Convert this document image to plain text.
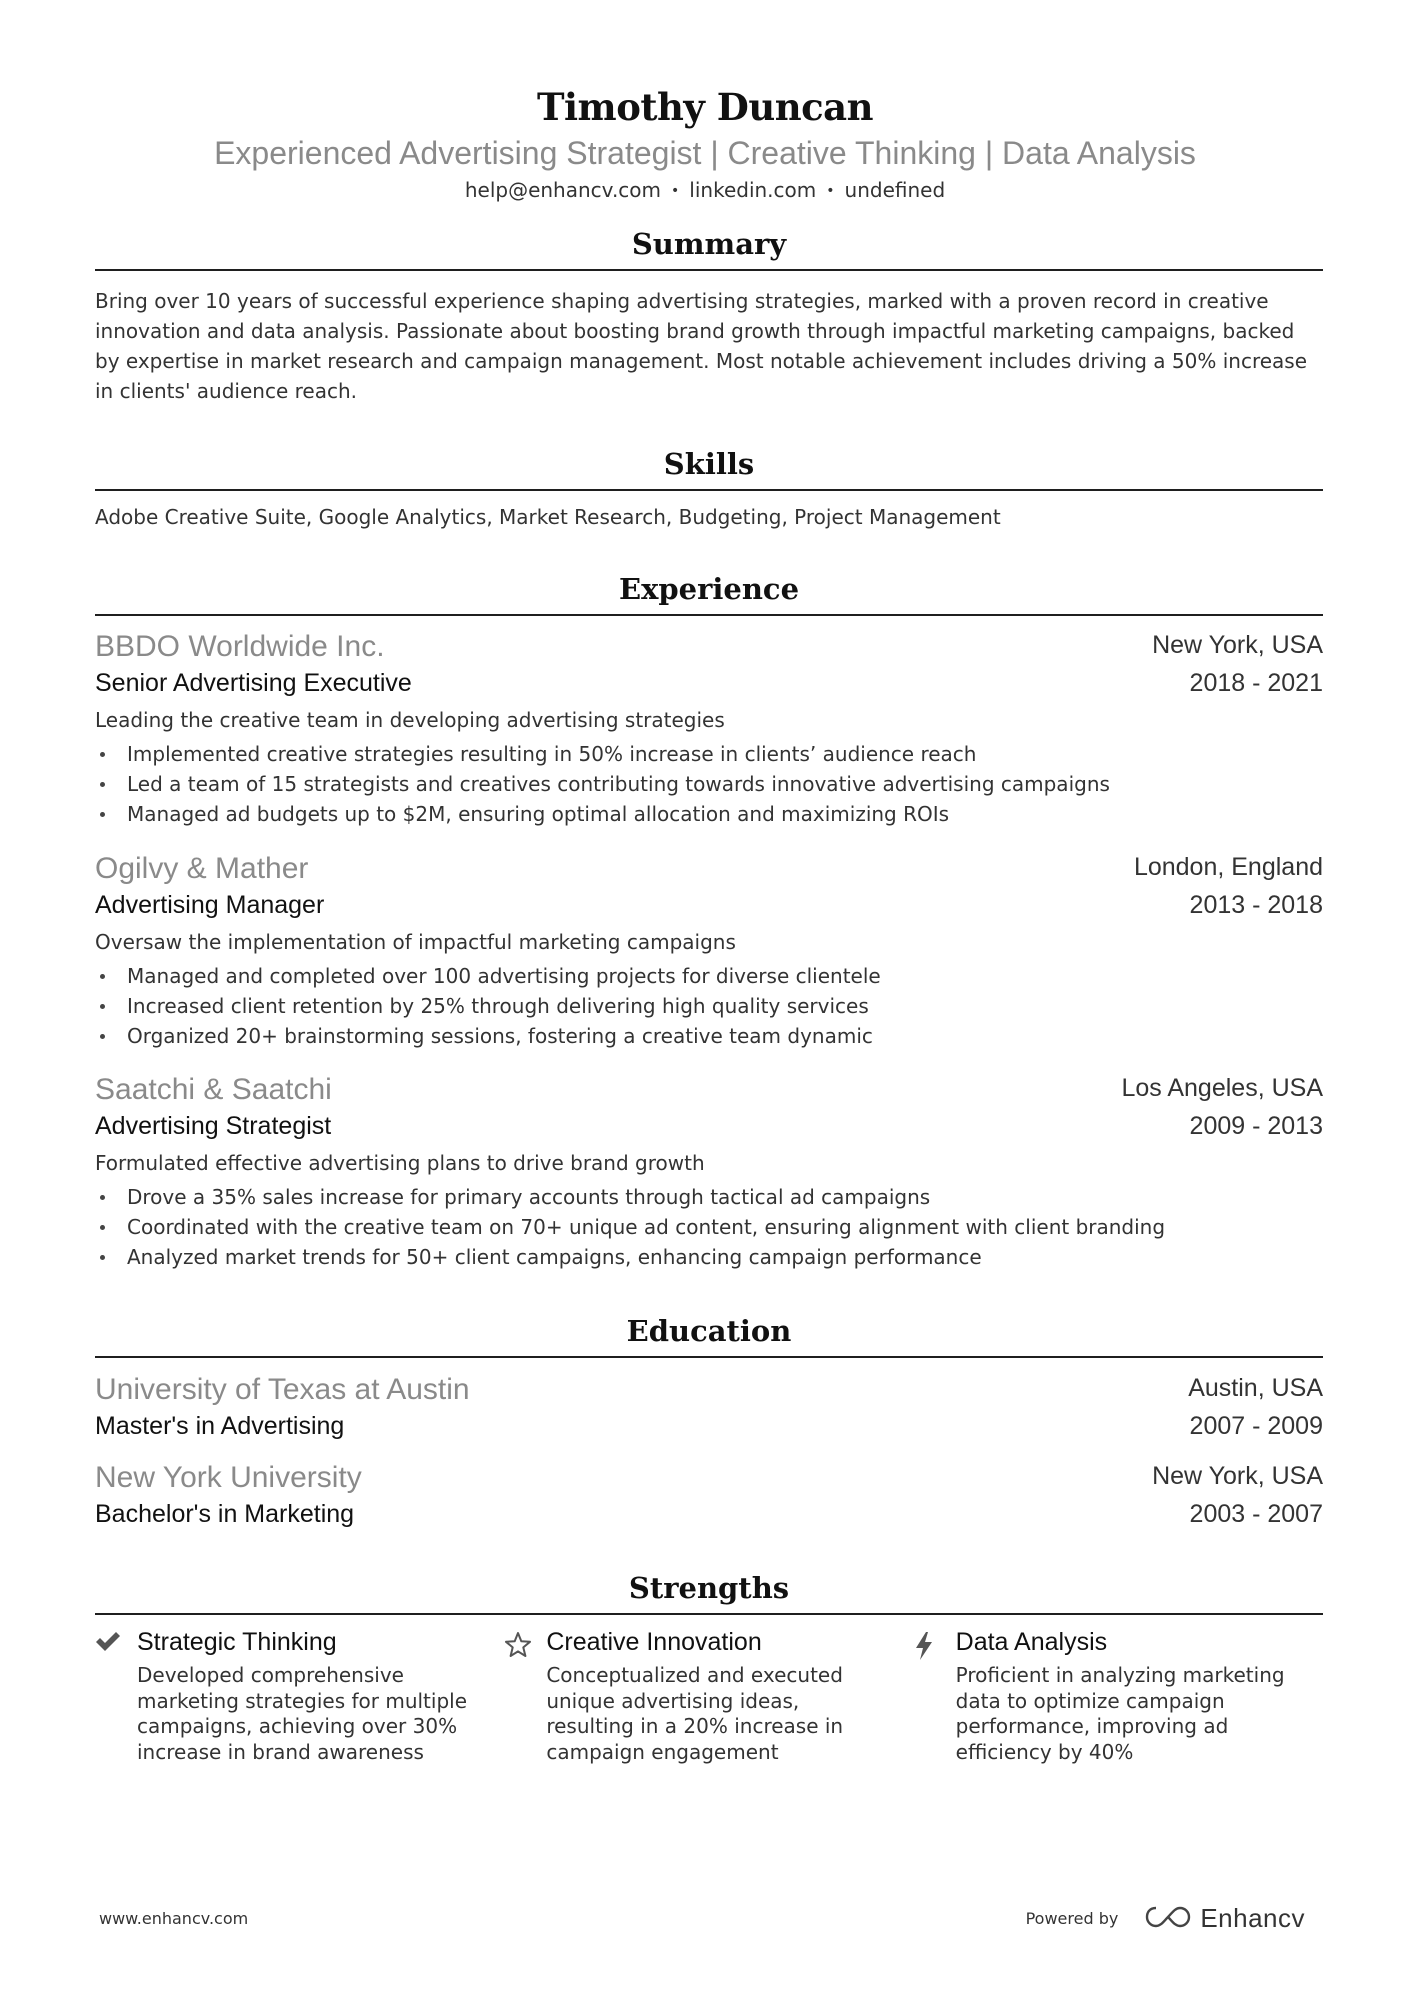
Timothy Duncan
Experienced Advertising Strategist | Creative Thinking | Data Analysis
help@enhancv.com • linkedin.com • undefined
Summary
Bring over 10 years of successful experience shaping advertising strategies, marked with a proven record in creative innovation and data analysis. Passionate about boosting brand growth through impactful marketing campaigns, backed by expertise in market research and campaign management. Most notable achievement includes driving a 50% increase in clients' audience reach.
Skills
Adobe Creative Suite, Google Analytics, Market Research, Budgeting, Project Management
Experience
BBDO Worldwide Inc.	New York, USA
Senior Advertising Executive	2018 - 2021
Leading the creative team in developing advertising strategies
Implemented creative strategies resulting in 50% increase in clients’ audience reach
Led a team of 15 strategists and creatives contributing towards innovative advertising campaigns
Managed ad budgets up to $2M, ensuring optimal allocation and maximizing ROIs
Ogilvy & Mather	London, England
Advertising Manager	2013 - 2018
Oversaw the implementation of impactful marketing campaigns
Managed and completed over 100 advertising projects for diverse clientele
Increased client retention by 25% through delivering high quality services
Organized 20+ brainstorming sessions, fostering a creative team dynamic
Saatchi & Saatchi	Los Angeles, USA
Advertising Strategist	2009 - 2013
Formulated effective advertising plans to drive brand growth
Drove a 35% sales increase for primary accounts through tactical ad campaigns
Coordinated with the creative team on 70+ unique ad content, ensuring alignment with client branding
Analyzed market trends for 50+ client campaigns, enhancing campaign performance
Education
University of Texas at Austin	Austin, USA
Master's in Advertising	2007 - 2009
New York University	New York, USA
Bachelor's in Marketing	2003 - 2007
Strengths
Strategic Thinking
Developed comprehensive
marketing strategies for multiple
campaigns, achieving over 30%
increase in brand awareness
Creative Innovation
Conceptualized and executed
unique advertising ideas,
resulting in a 20% increase in
campaign engagement
Data Analysis
Proficient in analyzing marketing
data to optimize campaign
performance, improving ad
efficiency by 40%
www.enhancv.com	Powered by	Enhancv
